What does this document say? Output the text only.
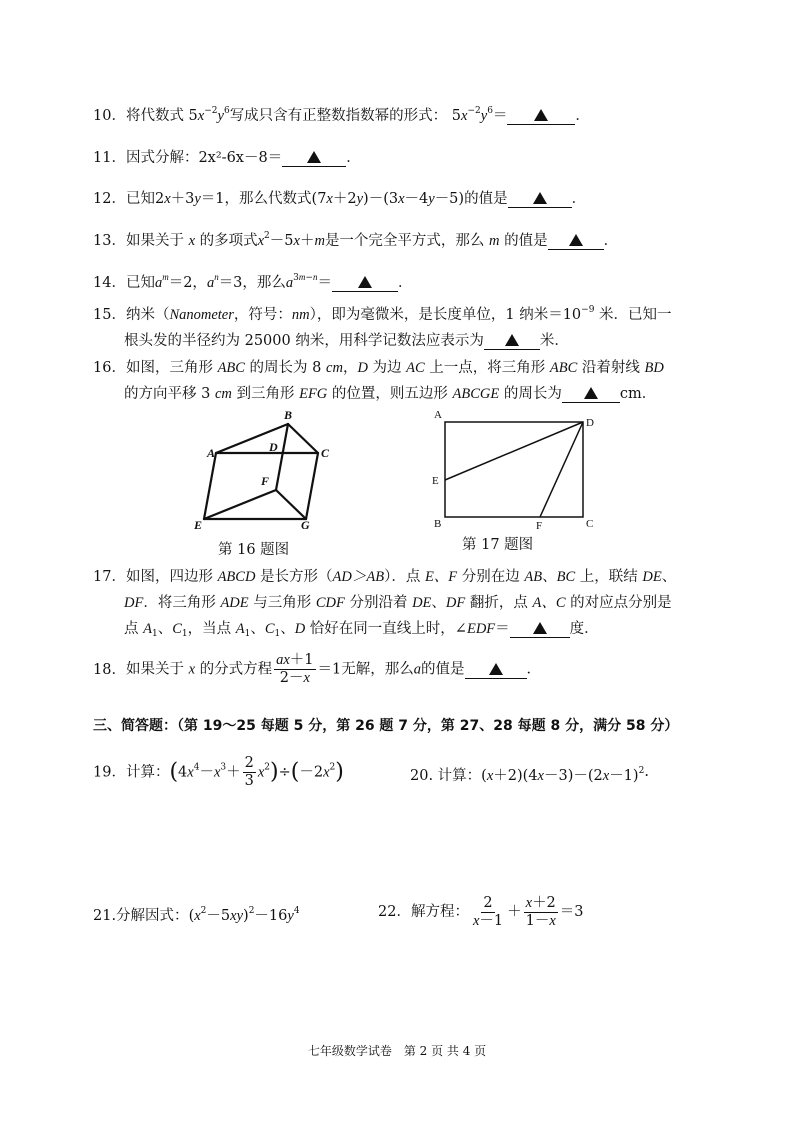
10．将代数式 $5x^{-2}y^6$写成只含有正整数指数幂的形式： $5x^{-2}y^6=$	．
11．因式分解：2x²-6x－8＝	．
12．已知2x＋3y＝1，那么代数式(7x＋2y)－(3x－4y－5)的值是	．
13．如果关于 x 的多项式$x^2-5x+m$是一个完全平方式，那么 m 的值是	．
14．已知$a^m=2$，$a^n=3$，那么$a^{3m-n}=$	．
15．纳米（Nanometer，符号：nm），即为毫微米，是长度单位，1 纳米$=10^{-9}$ 米．已知一
根头发的半径约为 25000 纳米，用科学记数法应表示为	米．
16．如图，三角形 ABC 的周长为 8 cm，D 为边 AC 上一点，将三角形 ABC 沿着射线 BD
的方向平移 3 cm 到三角形 EFG 的位置，则五边形 ABCGE 的周长为	cm．
A
B
C
D
E
F
G
第 16 题图
A
D
E
B	F	C
第 17 题图
17．如图，四边形 ABCD 是长方形（AD＞AB）．点 E、F 分别在边 AB、BC 上，联结 DE、
DF．将三角形 ADE 与三角形 CDF 分别沿着 DE、DF 翻折，点 A、C 的对应点分别是
点 $A_1$、$C_1$，当点 $A_1$、$C_1$、D 恰好在同一直线上时，∠EDF＝	度．
18．如果关于 x 的分式方程 $\frac{ax+1}{2-x} =1$无解，那么a的值是	．
三、简答题：（第 19～25 每题 5 分，第 26 题 7 分，第 27、28 每题 8 分，满分 58 分）
19．计算：$(4x^4-x^3+ \frac{2}{3} x^2)\div(-2x^2)$	20. 计算：$(x+2)(4x-3)-(2x-1)^2\cdot$
21.分解因式：$(x^2-5xy)^2-16y^4$	22．解方程： $\frac{2}{x-1} + \frac{x+2}{1-x} =3$
七年级数学试卷　第 2 页 共 4 页
